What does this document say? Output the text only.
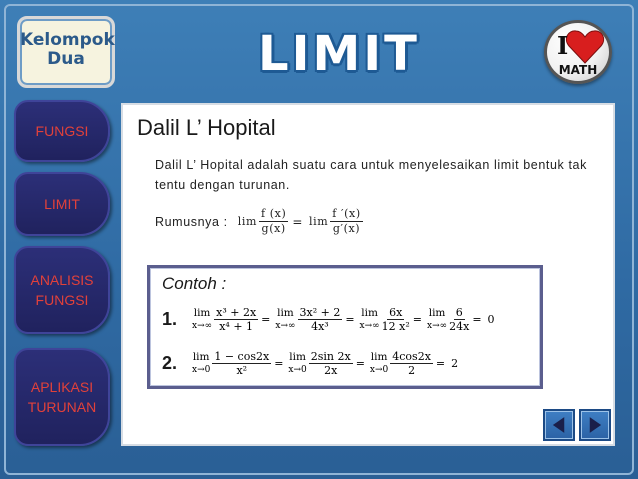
Kelompok
Dua	LIMIT	I
MATH
FUNGSI
LIMIT
ANALISIS
FUNGSI
APLIKASI
TURUNAN
Dalil L’ Hopital

Dalil L’ Hopital adalah suatu cara untuk menyelesaikan limit bentuk tak tentu dengan turunan.

Rumusnya : $\lim \frac{f (x)}{g(x)} = \lim \frac{f '(x)}{g'(x)}$
Contoh :
1.	lim
$x\to\infty \frac{\text{x³ + 2x}}{\text{x⁴ + 1}}$ =
lim
$x\to\infty \frac{\text{3x² + 2}}{\text{4x³}}$ =
lim
$x\to\infty \frac{6x}{\text{12 x²}}$ =
lim
$x\to\infty \frac{6}{24x} = 0$
2.	lim
$x\to 0 \frac{1 - \cos 2x}{\text{x²}}$ =
lim
$x\to 0 \frac{2\sin 2x}{2x}$ =
lim
$x\to 0 \frac{4\cos 2x}{2} = 2$
